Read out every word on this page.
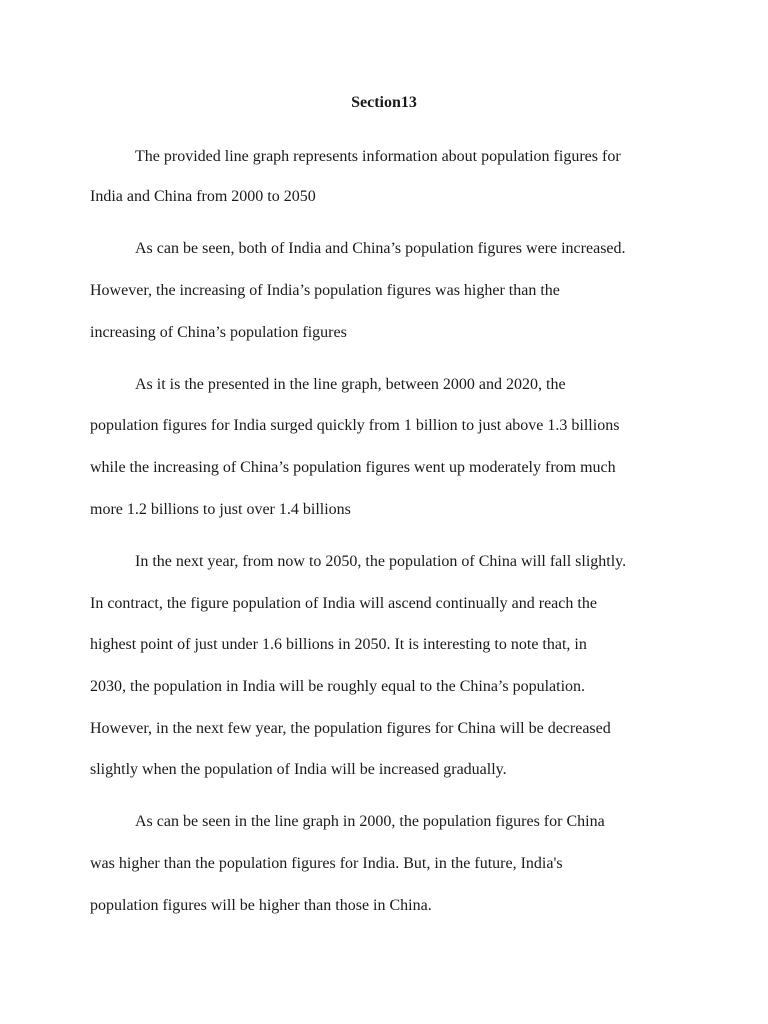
Section13
The provided line graph represents information about population figures for
India and China from 2000 to 2050
As can be seen, both of India and China’s population figures were increased.
However, the increasing of India’s population figures was higher than the
increasing of China’s population figures
As it is the presented in the line graph, between 2000 and 2020, the
population figures for India surged quickly from 1 billion to just above 1.3 billions
while the increasing of China’s population figures went up moderately from much
more 1.2 billions to just over 1.4 billions
In the next year, from now to 2050, the population of China will fall slightly.
In contract, the figure population of India will ascend continually and reach the
highest point of just under 1.6 billions in 2050. It is interesting to note that, in
2030, the population in India will be roughly equal to the China’s population.
However, in the next few year, the population figures for China will be decreased
slightly when the population of India will be increased gradually.
As can be seen in the line graph in 2000, the population figures for China
was higher than the population figures for India. But, in the future, India's
population figures will be higher than those in China.
